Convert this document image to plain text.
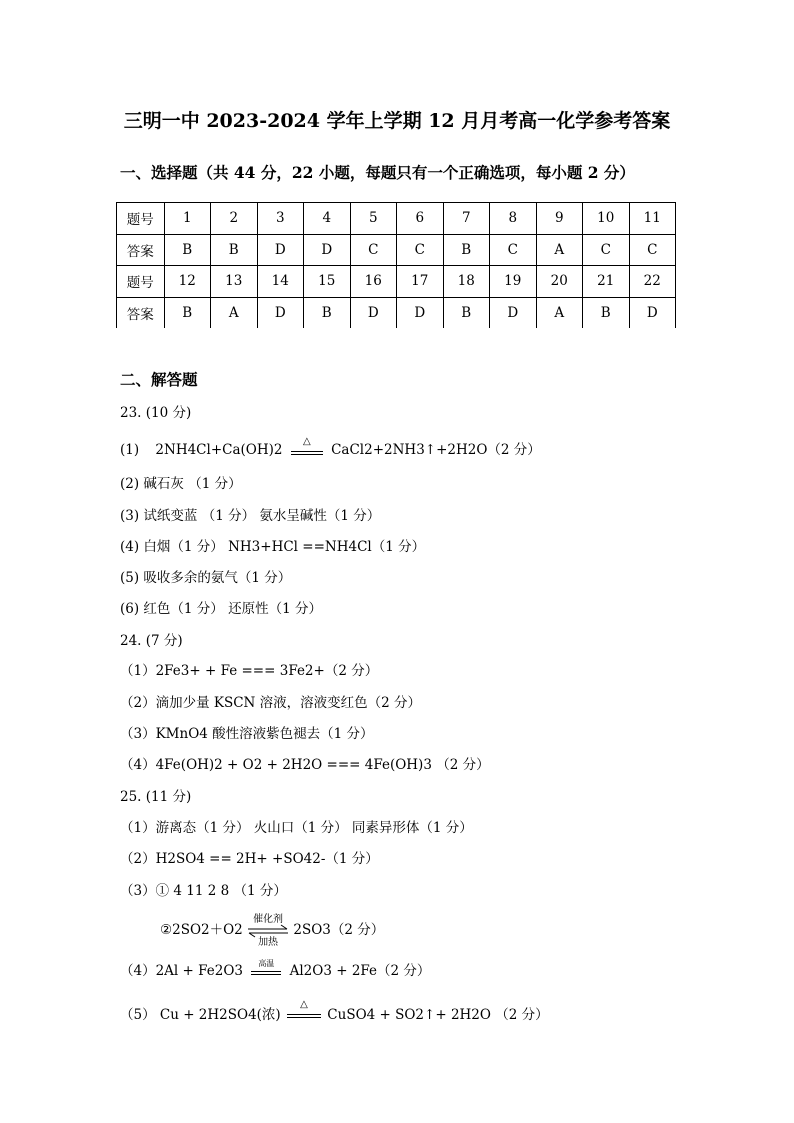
三明一中 2023-2024 学年上学期 12 月月考高一化学参考答案
一、选择题（共 44 分，22 小题，每题只有一个正确选项，每小题 2 分）
题号	1	2	3	4	5	6	7	8	9	10	11
答案	B	B	D	D	C	C	B	C	A	C	C
题号	12	13	14	15	16	17	18	19	20	21	22
答案	B	A	D	B	D	D	B	D	A	B	D
二、解答题
23. (10 分)
(1) 2NH4Cl+Ca(OH)2
△
CaCl2+2NH3↑+2H2O（2 分）
(2) 碱石灰 （1 分）
(3) 试纸变蓝 （1 分） 氨水呈碱性（1 分）
(4) 白烟（1 分） NH3+HCl ==NH4Cl（1 分）
(5) 吸收多余的氨气（1 分）
(6) 红色（1 分） 还原性（1 分）
24. (7 分)
（1）2Fe3+ + Fe === 3Fe2+（2 分）
（2）滴加少量 KSCN 溶液，溶液变红色（2 分）
（3）KMnO4 酸性溶液紫色褪去（1 分）
（4）4Fe(OH)2 + O2 + 2H2O === 4Fe(OH)3 （2 分）
25. (11 分)
（1）游离态（1 分） 火山口（1 分） 同素异形体（1 分）
（2）H2SO4 == 2H+ +SO42-（1 分）
（3）① 4 11 2 8 （1 分）
②2SO2＋O2
催化剂
加热
2SO3（2 分）
（4）2Al + Fe2O3	高温	Al2O3 + 2Fe（2 分）
（5） Cu + 2H2SO4(浓)
△
CuSO4 + SO2↑+ 2H2O （2 分）
